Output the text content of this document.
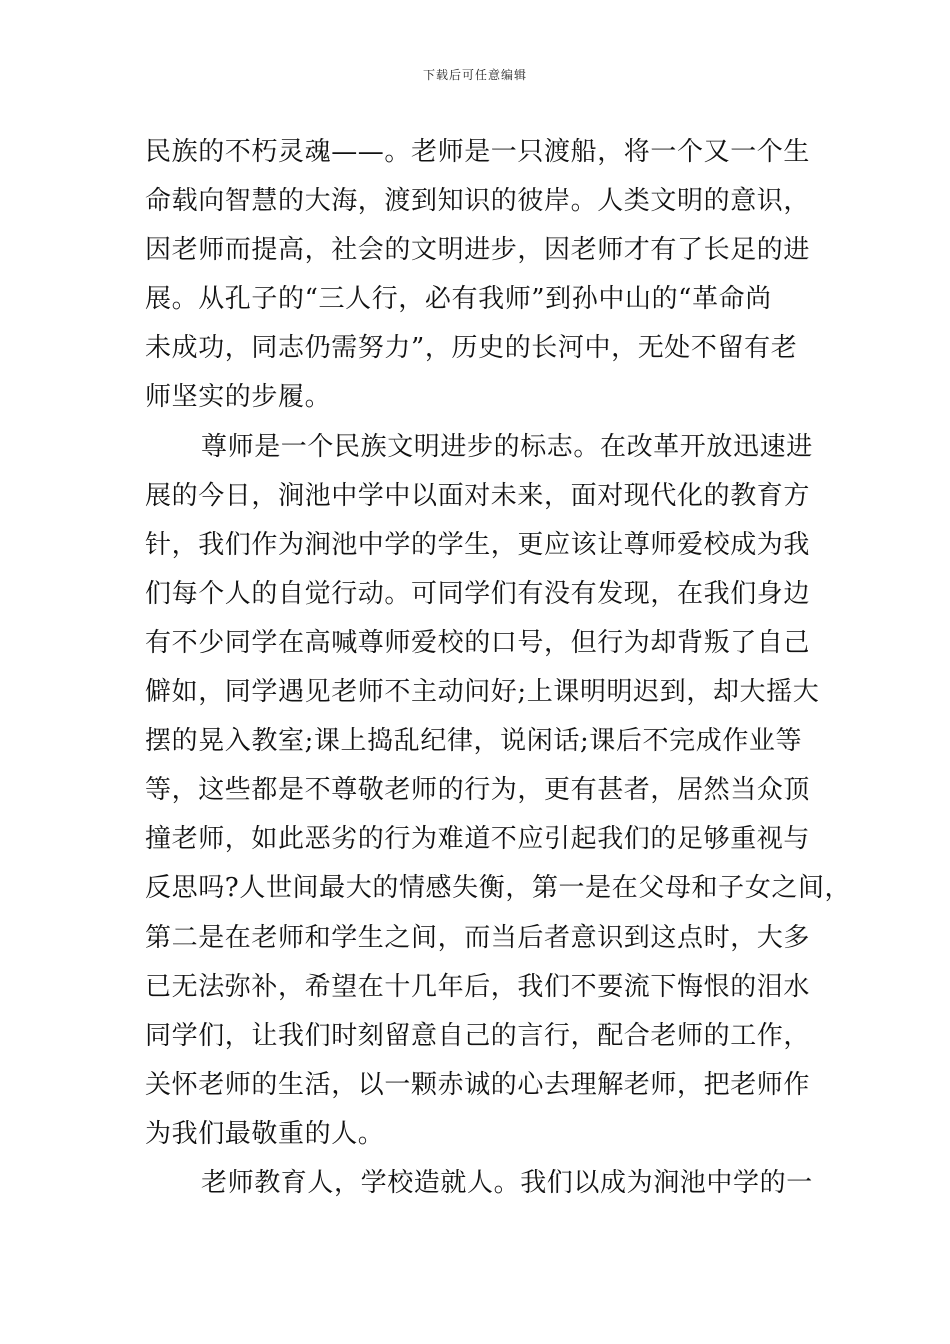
下载后可任意编辑
民族的不朽灵魂——。老师是一只渡船，将一个又一个生
命载向智慧的大海，渡到知识的彼岸。人类文明的意识，
因老师而提高，社会的文明进步，因老师才有了长足的进
展。从孔子的“三人行，必有我师”到孙中山的“革命尚
未成功，同志仍需努力”，历史的长河中，无处不留有老
师坚实的步履。
尊师是一个民族文明进步的标志。在改革开放迅速进
展的今日，涧池中学中以面对未来，面对现代化的教育方
针，我们作为涧池中学的学生，更应该让尊师爱校成为我
们每个人的自觉行动。可同学们有没有发现，在我们身边
有不少同学在高喊尊师爱校的口号，但行为却背叛了自己
僻如，同学遇见老师不主动问好;上课明明迟到，却大摇大
摆的晃入教室;课上捣乱纪律，说闲话;课后不完成作业等
等，这些都是不尊敬老师的行为，更有甚者，居然当众顶
撞老师，如此恶劣的行为难道不应引起我们的足够重视与
反思吗?人世间最大的情感失衡，第一是在父母和子女之间，
第二是在老师和学生之间，而当后者意识到这点时，大多
已无法弥补，希望在十几年后，我们不要流下悔恨的泪水
同学们，让我们时刻留意自己的言行，配合老师的工作，
关怀老师的生活，以一颗赤诚的心去理解老师，把老师作
为我们最敬重的人。
老师教育人，学校造就人。我们以成为涧池中学的一
